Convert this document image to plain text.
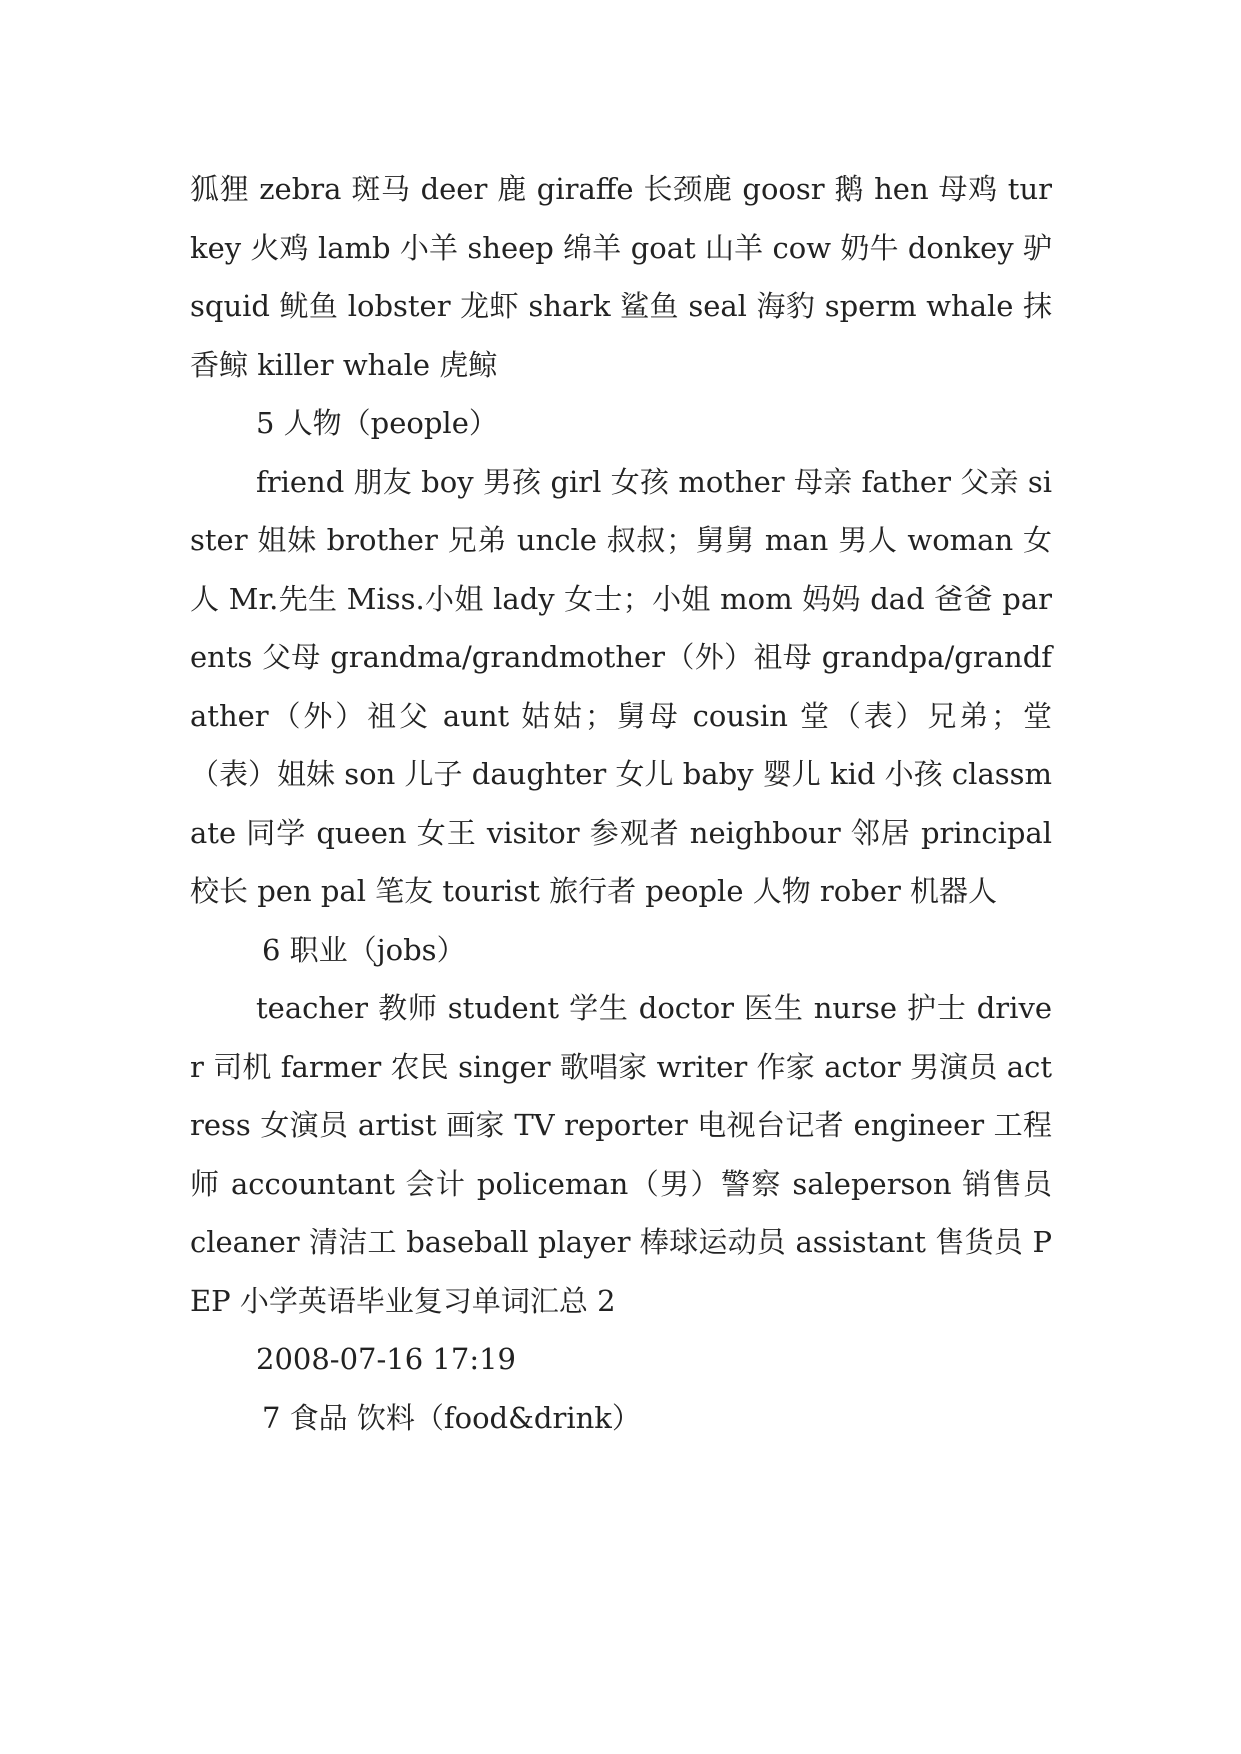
狐狸 zebra 斑马 deer 鹿 giraffe 长颈鹿 goosr 鹅 hen 母鸡 turkey 火鸡 lamb 小羊 sheep 绵羊 goat 山羊 cow 奶牛 donkey 驴 squid 鱿鱼 lobster 龙虾 shark 鲨鱼 seal 海豹 sperm whale 抹香鲸 killer whale 虎鲸

5 人物（people）

friend 朋友 boy 男孩 girl 女孩 mother 母亲 father 父亲 sister 姐妹 brother 兄弟 uncle 叔叔；舅舅 man 男人 woman 女人 Mr.先生 Miss.小姐 lady 女士；小姐 mom 妈妈 dad 爸爸 parents 父母 grandma/grandmother（外）祖母 grandpa/grandfather（外）祖父 aunt 姑姑；舅母 cousin 堂（表）兄弟；堂（表）姐妹 son 儿子 daughter 女儿 baby 婴儿 kid 小孩 classmate 同学 queen 女王 visitor 参观者 neighbour 邻居 principal 校长 pen pal 笔友 tourist 旅行者 people 人物 rober 机器人

6 职业（jobs）

teacher 教师 student 学生 doctor 医生 nurse 护士 driver 司机 farmer 农民 singer 歌唱家 writer 作家 actor 男演员 actress 女演员 artist 画家 TV reporter 电视台记者 engineer 工程师 accountant 会计 policeman（男）警察 saleperson 销售员 cleaner 清洁工 baseball player 棒球运动员 assistant 售货员 PEP 小学英语毕业复习单词汇总 2

2008-07-16 17:19

7 食品 饮料（food&drink）
